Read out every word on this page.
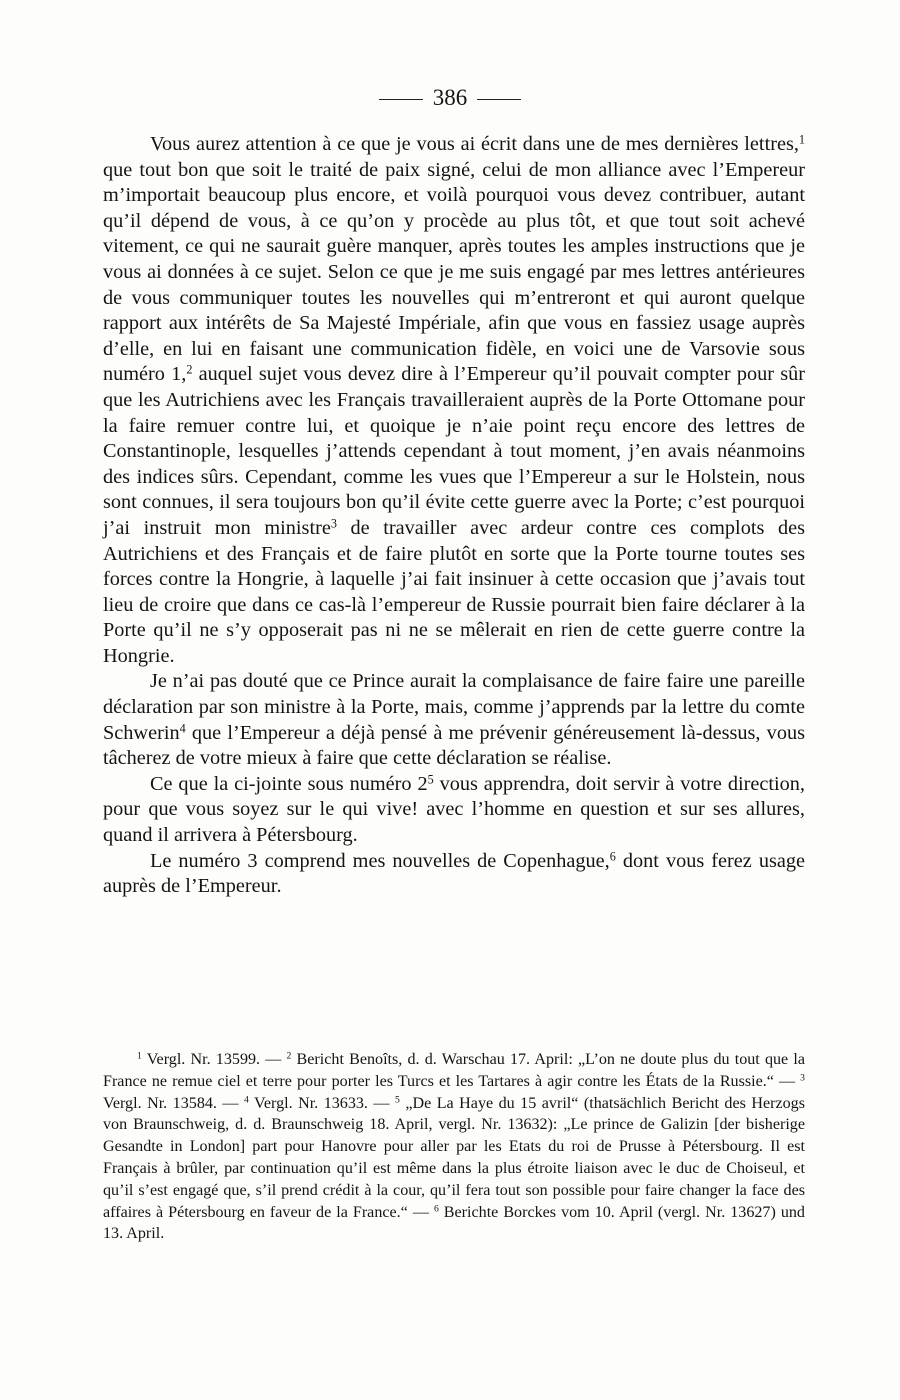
386

Vous aurez attention à ce que je vous ai écrit dans une de mes dernières lettres,$^1$ que tout bon que soit le traité de paix signé, celui de mon alliance avec l’Empereur m’importait beaucoup plus encore, et voilà pourquoi vous devez contribuer, autant qu’il dépend de vous, à ce qu’on y procède au plus tôt, et que tout soit achevé vitement, ce qui ne saurait guère manquer, après toutes les amples instructions que je vous ai données à ce sujet. Selon ce que je me suis engagé par mes lettres antérieures de vous communiquer toutes les nouvelles qui m’entreront et qui auront quelque rapport aux intérêts de Sa Majesté Impériale, afin que vous en fassiez usage auprès d’elle, en lui en faisant une communication fidèle, en voici une de Varsovie sous numéro 1,$^2$ auquel sujet vous devez dire à l’Empereur qu’il pouvait compter pour sûr que les Autrichiens avec les Français travailleraient auprès de la Porte Ottomane pour la faire remuer contre lui, et quoique je n’aie point reçu encore des lettres de Constantinople, lesquelles j’attends cependant à tout moment, j’en avais néanmoins des indices sûrs. Cependant, comme les vues que l’Empereur a sur le Holstein, nous sont connues, il sera toujours bon qu’il évite cette guerre avec la Porte; c’est pourquoi j’ai instruit mon ministre$^3$ de travailler avec ardeur contre ces complots des Autrichiens et des Français et de faire plutôt en sorte que la Porte tourne toutes ses forces contre la Hongrie, à laquelle j’ai fait insinuer à cette occasion que j’avais tout lieu de croire que dans ce cas-là l’empereur de Russie pourrait bien faire déclarer à la Porte qu’il ne s’y opposerait pas ni ne se mêlerait en rien de cette guerre contre la Hongrie.

Je n’ai pas douté que ce Prince aurait la complaisance de faire faire une pareille déclaration par son ministre à la Porte, mais, comme j’apprends par la lettre du comte Schwerin$^4$ que l’Empereur a déjà pensé à me prévenir généreusement là-dessus, vous tâcherez de votre mieux à faire que cette déclaration se réalise.

Ce que la ci-jointe sous numéro $2^5$ vous apprendra, doit servir à votre direction, pour que vous soyez sur le qui vive! avec l’homme en question et sur ses allures, quand il arrivera à Pétersbourg.

Le numéro 3 comprend mes nouvelles de Copenhague,$^6$ dont vous ferez usage auprès de l’Empereur.

$^1$ Vergl. Nr. 13599. — $^2$ Bericht Benoîts, d. d. Warschau 17. April: „L’on ne doute plus du tout que la France ne remue ciel et terre pour porter les Turcs et les Tartares à agir contre les États de la Russie.“ — $^3$ Vergl. Nr. 13584. — $^4$ Vergl. Nr. 13633. — $^5$ „De La Haye du 15 avril“ (thatsächlich Bericht des Herzogs von Braunschweig, d. d. Braunschweig 18. April, vergl. Nr. 13632): „Le prince de Galizin [der bisherige Gesandte in London] part pour Hanovre pour aller par les Etats du roi de Prusse à Pétersbourg. Il est Français à brûler, par continuation qu’il est même dans la plus étroite liaison avec le duc de Choiseul, et qu’il s’est engagé que, s’il prend crédit à la cour, qu’il fera tout son possible pour faire changer la face des affaires à Pétersbourg en faveur de la France.“ — $^6$ Berichte Borckes vom 10. April (vergl. Nr. 13627) und 13. April.
